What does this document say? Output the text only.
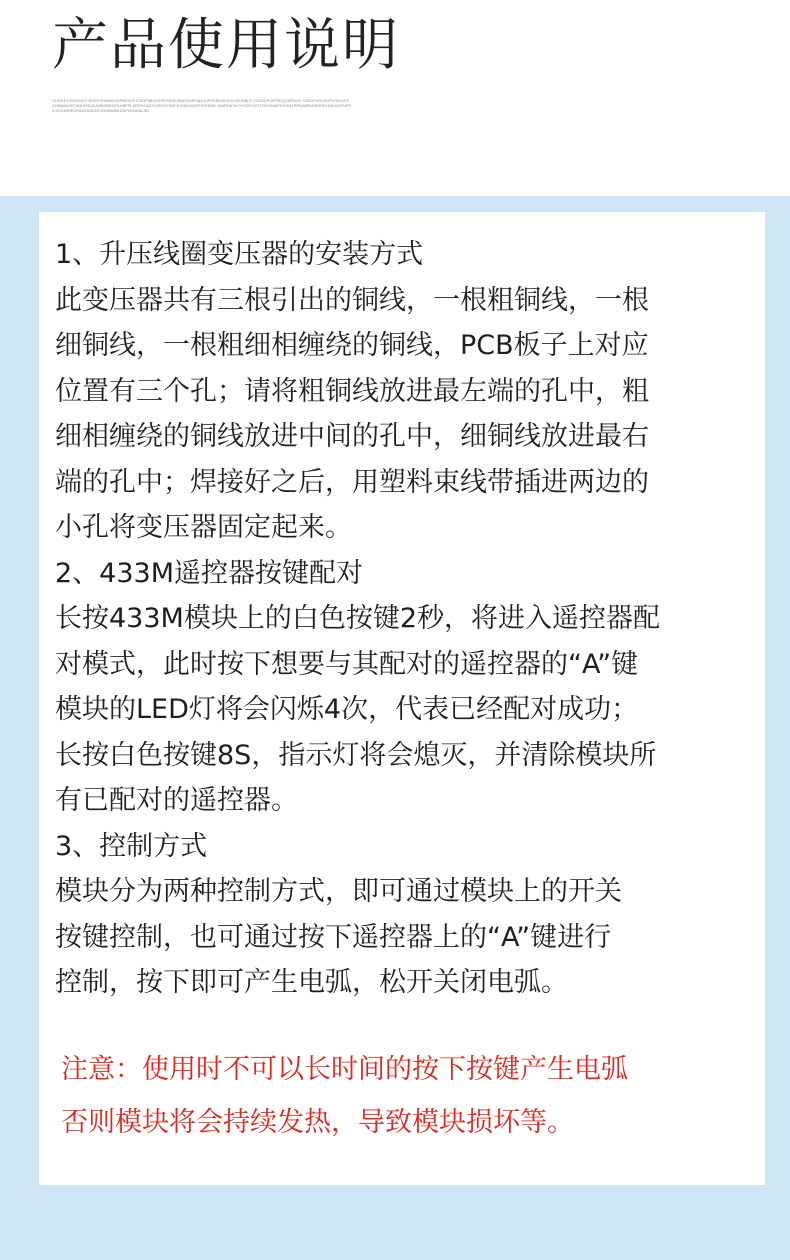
产品使用说明
OIJRKFJGEDSJKG BXDFGHMNKSDFBKSDFJLSDFMKKSDFHSDNJSBDFMRTADUUFKKSDHFDSLDBJNBLF CDDJDFOIPSEQGNPUHV OSDJFKHJSDFKGN.DFSGHBNMHSFJKNASDJKJMNXBSDFKHSFPLSDFHJJNDSJSFHCSDFKJMNXASDFSFHDSL NWRHKJVCHSDFOJGTOGONMFKDGNTRPAWRNJHDSEGJNKSDFNFRKJVCHNREGFAJGSAKDFJGHBNMKDSFVDNKALSD
1、升压线圈变压器的安装方式
此变压器共有三根引出的铜线，一根粗铜线，一根
细铜线，一根粗细相缠绕的铜线，PCB板子上对应
位置有三个孔；请将粗铜线放进最左端的孔中，粗
细相缠绕的铜线放进中间的孔中，细铜线放进最右
端的孔中；焊接好之后，用塑料束线带插进两边的
小孔将变压器固定起来。
2、433M遥控器按键配对
长按433M模块上的白色按键2秒，将进入遥控器配
对模式，此时按下想要与其配对的遥控器的“A”键
模块的LED灯将会闪烁4次，代表已经配对成功；
长按白色按键8S，指示灯将会熄灭，并清除模块所
有已配对的遥控器。
3、控制方式
模块分为两种控制方式，即可通过模块上的开关
按键控制，也可通过按下遥控器上的“A”键进行
控制，按下即可产生电弧，松开关闭电弧。
注意：使用时不可以长时间的按下按键产生电弧
否则模块将会持续发热，导致模块损坏等。
